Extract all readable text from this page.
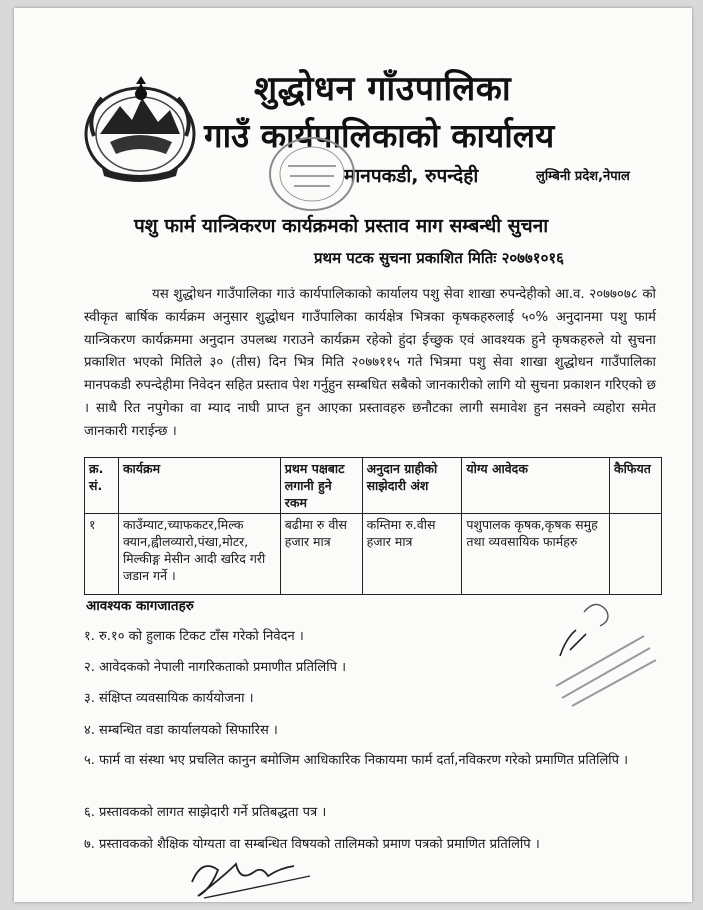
शुद्धोधन गाँउपालिका
गाउँ कार्यपालिकाको कार्यालय
मानपकडी, रुपन्देही	लुम्बिनी प्रदेश,नेपाल
पशु फार्म यान्त्रिकरण कार्यक्रमको प्रस्ताव माग सम्बन्धी सुचना
प्रथम पटक सुचना प्रकाशित मितिः २०७७१०१६
यस शुद्धोधन गाउँपालिका गाउं कार्यपालिकाको कार्यालय पशु सेवा शाखा रुपन्देहीको आ.व. २०७७०७८ को स्वीकृत बार्षिक कार्यक्रम अनुसार शुद्धोधन गाउँपालिका कार्यक्षेत्र भित्रका कृषकहरुलाई ५०% अनुदानमा पशु फार्म यान्त्रिकरण कार्यक्रममा अनुदान उपलब्ध गराउने कार्यक्रम रहेको हुंदा ईच्छुक एवं आवश्यक हुने कृषकहरुले यो सुचना प्रकाशित भएको मितिले ३० (तीस) दिन भित्र मिति २०७७११५ गते भित्रमा पशु सेवा शाखा शुद्धोधन गाउँपालिका मानपकडी रुपन्देहीमा निवेदन सहित प्रस्ताव पेश गर्नुहुन सम्बधित सबैको जानकारीको लागि यो सुचना प्रकाशन गरिएको छ । साथै रित नपुगेका वा म्याद नाघी प्राप्त हुन आएका प्रस्तावहरु छनौटका लागी समावेश हुन नसक्ने व्यहोरा समेत जानकारी गराईन्छ ।
क्र. सं.	कार्यक्रम	प्रथम पक्षबाट लगानी हुने रकम	अनुदान ग्राहीको साझेदारी अंश	योग्य आवेदक	कैफियत
१	काउँम्याट,च्याफकटर,मिल्क क्यान,ह्वीलव्यारो,पंखा,मोटर, मिल्कीङ्ग मेसीन आदी खरिद गरी जडान गर्ने ।	बढीमा रु वीस हजार मात्र	कम्तिमा रु.वीस हजार मात्र	पशुपालक कृषक,कृषक समुह तथा व्यवसायिक फार्महरु	
आवश्यक कागजातहरु
१. रु.१० को हुलाक टिकट टाँस गरेको निवेदन ।
२. आवेदकको नेपाली नागरिकताको प्रमाणीत प्रतिलिपि ।
३. संक्षिप्त व्यवसायिक कार्ययोजना ।
४. सम्बन्धित वडा कार्यालयको सिफारिस ।
५. फार्म वा संस्था भए प्रचलित कानुन बमोजिम आधिकारिक निकायमा फार्म दर्ता,नविकरण गरेको प्रमाणित प्रतिलिपि ।
६. प्रस्तावकको लागत साझेदारी गर्ने प्रतिबद्धता पत्र ।
७. प्रस्तावकको शैक्षिक योग्यता वा सम्बन्धित विषयको तालिमको प्रमाण पत्रको प्रमाणित प्रतिलिपि ।
